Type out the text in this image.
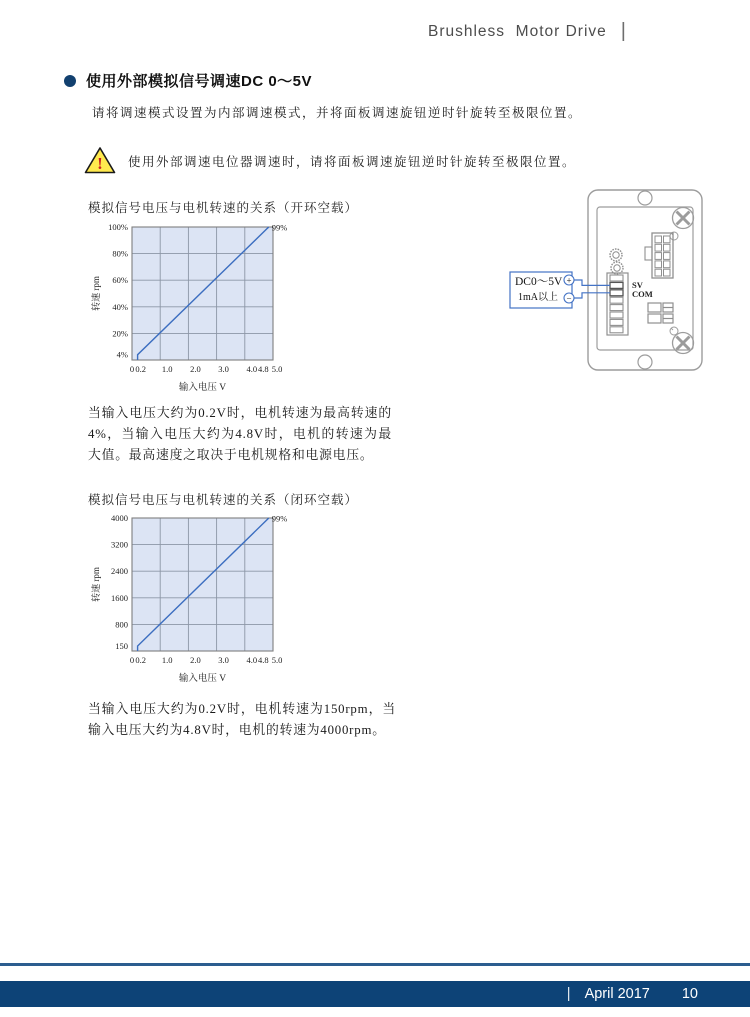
Brushless  Motor Drive |
使用外部模拟信号调速DC 0～5V
请将调速模式设置为内部调速模式，并将面板调速旋钮逆时针旋转至极限位置。
! 使用外部调速电位器调速时，请将面板调速旋钮逆时针旋转至极限位置。
模拟信号电压与电机转速的关系（开环空载）
100%
80%
60%
40%
20%
4%
0 0.2 1.0 2.0 3.0 4.0 4.8 5.0
转速 rpm
输入电压 V
99%
SV
COM
DC0～5V
1mA以上
+
−
当输入电压大约为0.2V时，电机转速为最高转速的4%，当输入电压大约为4.8V时，电机的转速为最大值。最高速度之取决于电机规格和电源电压。
模拟信号电压与电机转速的关系（闭环空载）
4000
3200
2400
1600
800
150
0 0.2 1.0 2.0 3.0 4.0 4.8 5.0
转速 rpm
输入电压 V
99%
当输入电压大约为0.2V时，电机转速为150rpm，当输入电压大约为4.8V时，电机的转速为4000rpm。
| April 2017 10
